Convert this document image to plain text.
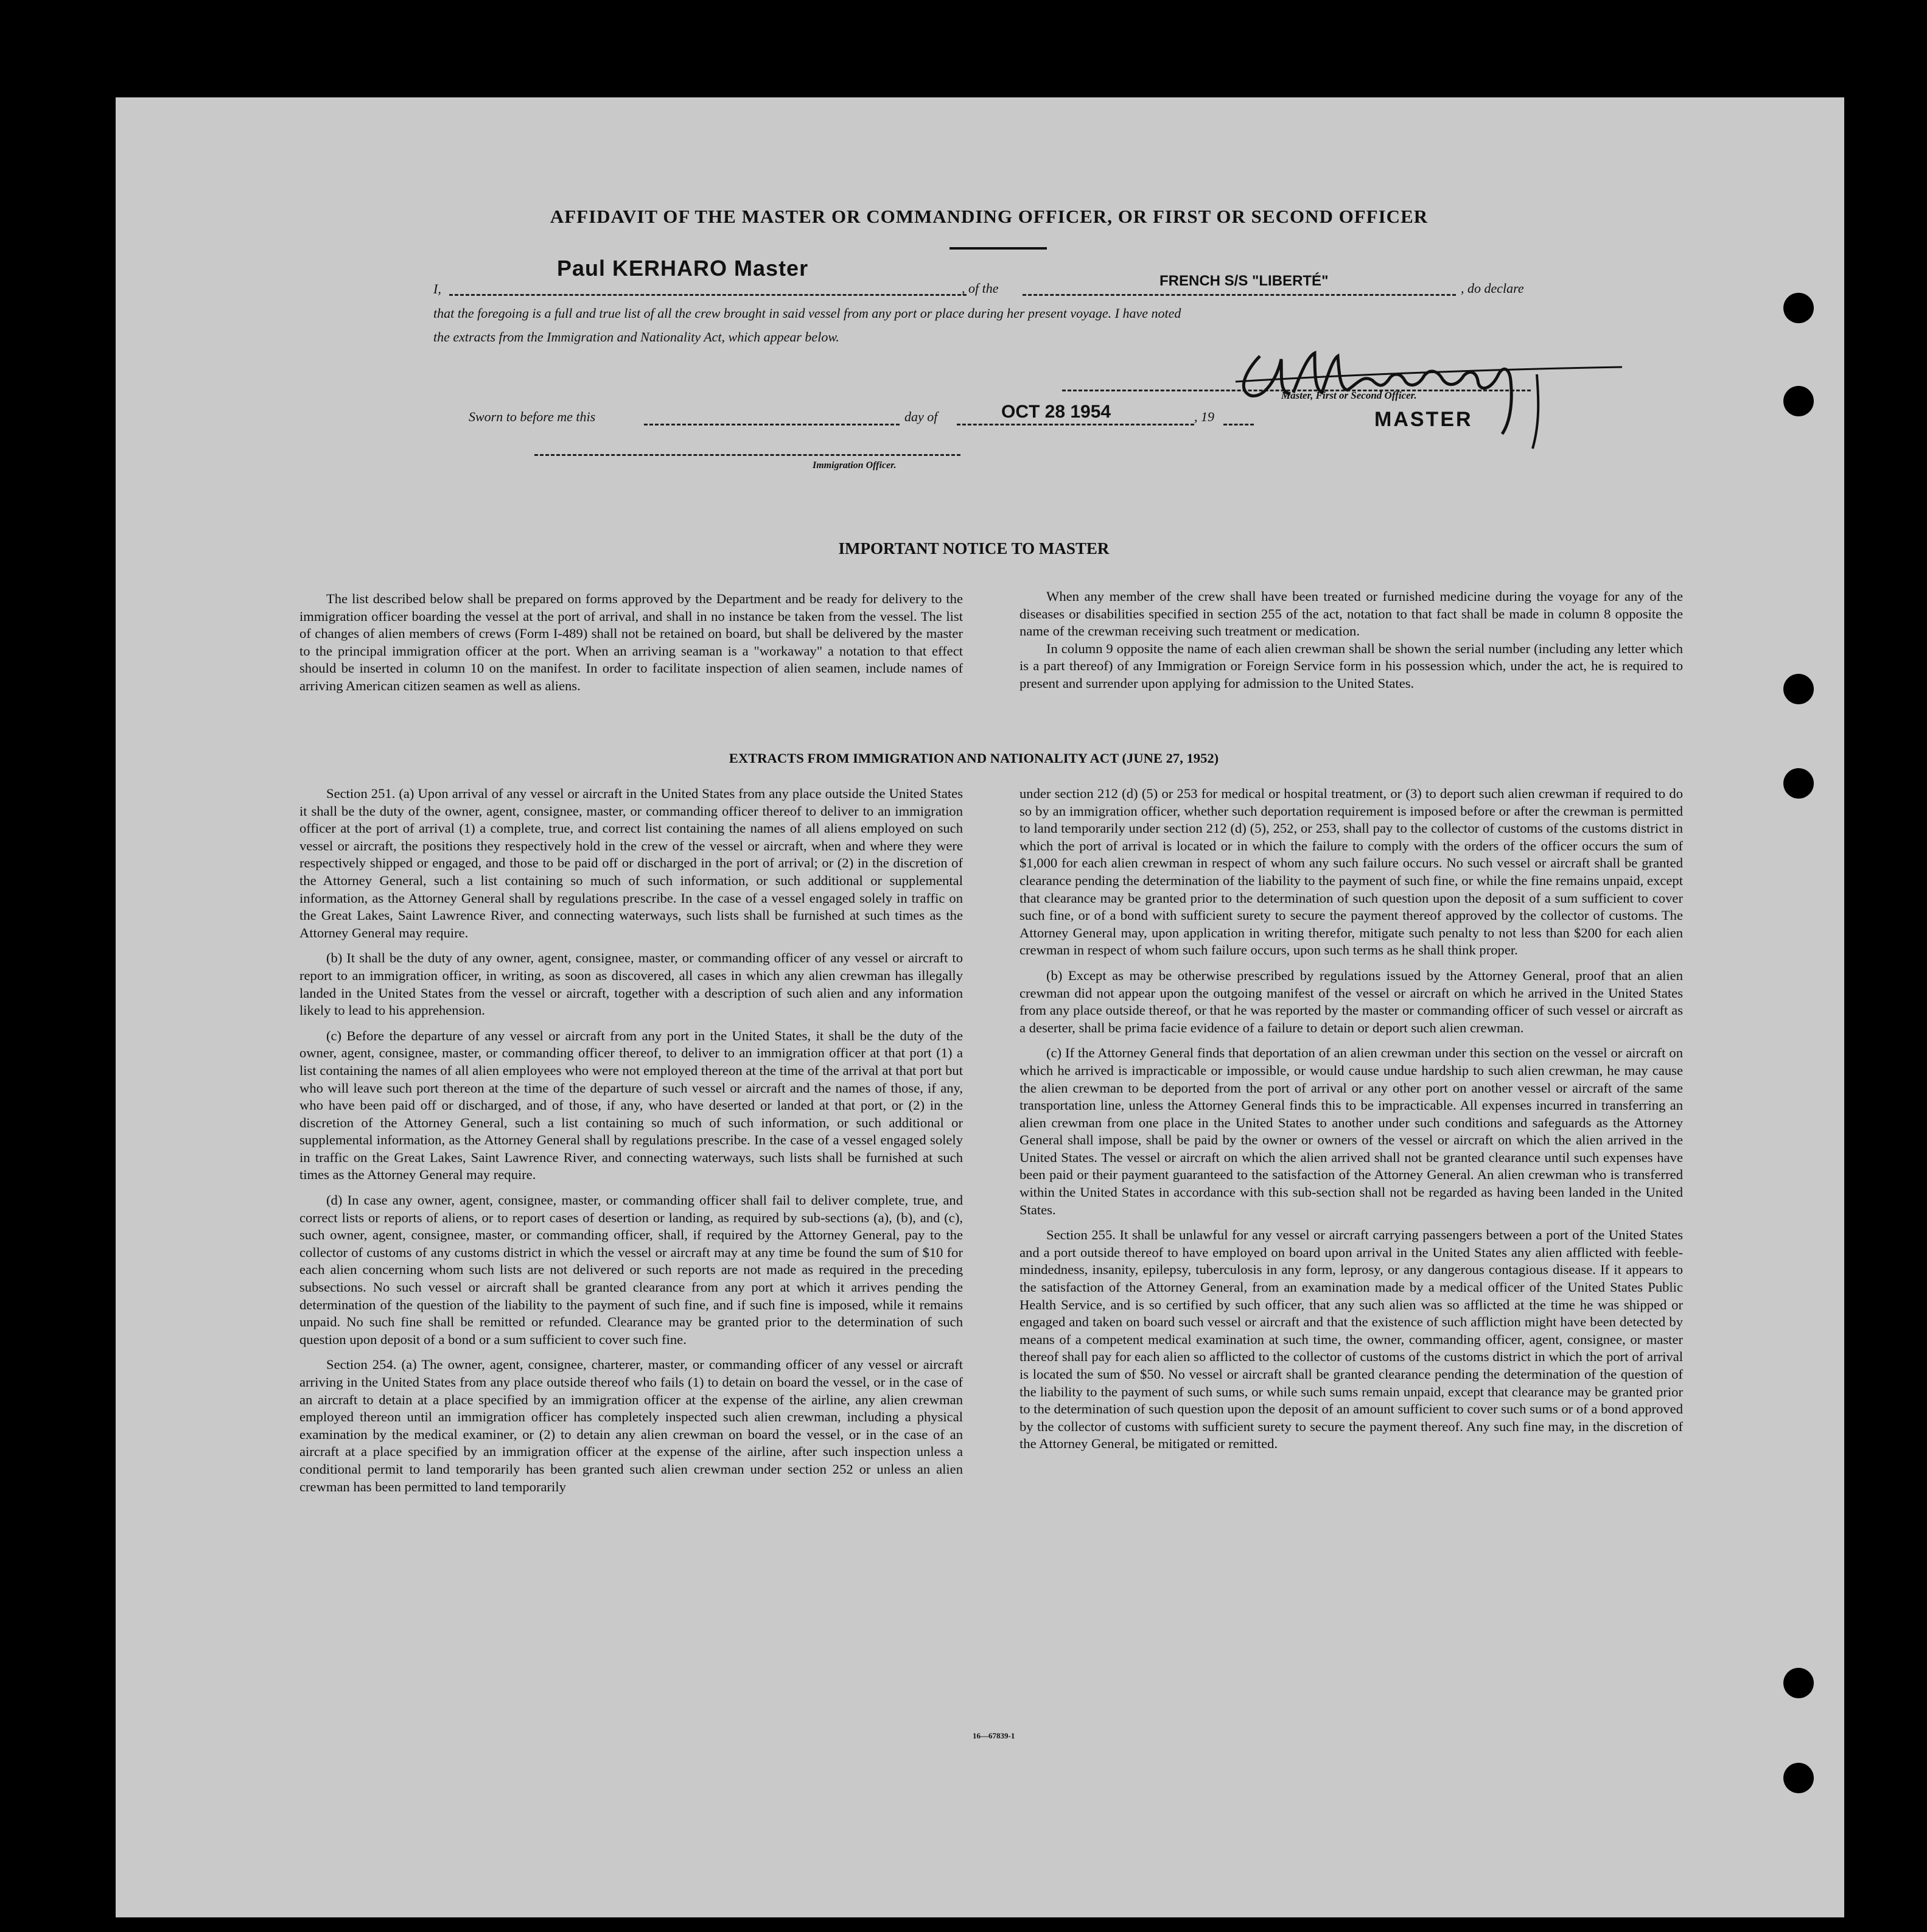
AFFIDAVIT OF THE MASTER OR COMMANDING OFFICER, OR FIRST OR SECOND OFFICER
I,
Paul KERHARO Master
, of the	FRENCH S/S "LIBERTÉ"	, do declare
that the foregoing is a full and true list of all the crew brought in said vessel from any port or place during her present voyage. I have noted
the extracts from the Immigration and Nationality Act, which appear below.
Master, First or Second Officer.
MASTER
Sworn to before me this	day of	OCT 28 1954	, 19
Immigration Officer.
IMPORTANT NOTICE TO MASTER

The list described below shall be prepared on forms approved by the Department and be ready for delivery to the immigration officer boarding the vessel at the port of arrival, and shall in no instance be taken from the vessel. The list of changes of alien members of crews (Form I-489) shall not be retained on board, but shall be delivered by the master to the principal immigration officer at the port. When an arriving seaman is a "workaway" a notation to that effect should be inserted in column 10 on the manifest. In order to facilitate inspection of alien seamen, include names of arriving American citizen seamen as well as aliens.

When any member of the crew shall have been treated or furnished medicine during the voyage for any of the diseases or disabilities specified in section 255 of the act, notation to that fact shall be made in column 8 opposite the name of the crewman receiving such treatment or medication.

In column 9 opposite the name of each alien crewman shall be shown the serial number (including any letter which is a part thereof) of any Immigration or Foreign Service form in his possession which, under the act, he is required to present and surrender upon applying for admission to the United States.

EXTRACTS FROM IMMIGRATION AND NATIONALITY ACT (JUNE 27, 1952)

Section 251. (a) Upon arrival of any vessel or aircraft in the United States from any place outside the United States it shall be the duty of the owner, agent, consignee, master, or commanding officer thereof to deliver to an immigration officer at the port of arrival (1) a complete, true, and correct list containing the names of all aliens employed on such vessel or aircraft, the positions they respectively hold in the crew of the vessel or aircraft, when and where they were respectively shipped or engaged, and those to be paid off or discharged in the port of arrival; or (2) in the discretion of the Attorney General, such a list containing so much of such information, or such additional or supplemental information, as the Attorney General shall by regulations prescribe. In the case of a vessel engaged solely in traffic on the Great Lakes, Saint Lawrence River, and connecting waterways, such lists shall be furnished at such times as the Attorney General may require.

(b) It shall be the duty of any owner, agent, consignee, master, or commanding officer of any vessel or aircraft to report to an immigration officer, in writing, as soon as discovered, all cases in which any alien crewman has illegally landed in the United States from the vessel or aircraft, together with a description of such alien and any information likely to lead to his apprehension.

(c) Before the departure of any vessel or aircraft from any port in the United States, it shall be the duty of the owner, agent, consignee, master, or commanding officer thereof, to deliver to an immigration officer at that port (1) a list containing the names of all alien employees who were not employed thereon at the time of the arrival at that port but who will leave such port thereon at the time of the departure of such vessel or aircraft and the names of those, if any, who have been paid off or discharged, and of those, if any, who have deserted or landed at that port, or (2) in the discretion of the Attorney General, such a list containing so much of such information, or such additional or supplemental information, as the Attorney General shall by regulations prescribe. In the case of a vessel engaged solely in traffic on the Great Lakes, Saint Lawrence River, and connecting waterways, such lists shall be furnished at such times as the Attorney General may require.

(d) In case any owner, agent, consignee, master, or commanding officer shall fail to deliver complete, true, and correct lists or reports of aliens, or to report cases of desertion or landing, as required by sub-sections (a), (b), and (c), such owner, agent, consignee, master, or commanding officer, shall, if required by the Attorney General, pay to the collector of customs of any customs district in which the vessel or aircraft may at any time be found the sum of $10 for each alien concerning whom such lists are not delivered or such reports are not made as required in the preceding subsections. No such vessel or aircraft shall be granted clearance from any port at which it arrives pending the determination of the question of the liability to the payment of such fine, and if such fine is imposed, while it remains unpaid. No such fine shall be remitted or refunded. Clearance may be granted prior to the determination of such question upon deposit of a bond or a sum sufficient to cover such fine.

Section 254. (a) The owner, agent, consignee, charterer, master, or commanding officer of any vessel or aircraft arriving in the United States from any place outside thereof who fails (1) to detain on board the vessel, or in the case of an aircraft to detain at a place specified by an immigration officer at the expense of the airline, any alien crewman employed thereon until an immigration officer has completely inspected such alien crewman, including a physical examination by the medical examiner, or (2) to detain any alien crewman on board the vessel, or in the case of an aircraft at a place specified by an immigration officer at the expense of the airline, after such inspection unless a conditional permit to land temporarily has been granted such alien crewman under section 252 or unless an alien crewman has been permitted to land temporarily

under section 212 (d) (5) or 253 for medical or hospital treatment, or (3) to deport such alien crewman if required to do so by an immigration officer, whether such deportation requirement is imposed before or after the crewman is permitted to land temporarily under section 212 (d) (5), 252, or 253, shall pay to the collector of customs of the customs district in which the port of arrival is located or in which the failure to comply with the orders of the officer occurs the sum of $1,000 for each alien crewman in respect of whom any such failure occurs. No such vessel or aircraft shall be granted clearance pending the determination of the liability to the payment of such fine, or while the fine remains unpaid, except that clearance may be granted prior to the determination of such question upon the deposit of a sum sufficient to cover such fine, or of a bond with sufficient surety to secure the payment thereof approved by the collector of customs. The Attorney General may, upon application in writing therefor, mitigate such penalty to not less than $200 for each alien crewman in respect of whom such failure occurs, upon such terms as he shall think proper.

(b) Except as may be otherwise prescribed by regulations issued by the Attorney General, proof that an alien crewman did not appear upon the outgoing manifest of the vessel or aircraft on which he arrived in the United States from any place outside thereof, or that he was reported by the master or commanding officer of such vessel or aircraft as a deserter, shall be prima facie evidence of a failure to detain or deport such alien crewman.

(c) If the Attorney General finds that deportation of an alien crewman under this section on the vessel or aircraft on which he arrived is impracticable or impossible, or would cause undue hardship to such alien crewman, he may cause the alien crewman to be deported from the port of arrival or any other port on another vessel or aircraft of the same transportation line, unless the Attorney General finds this to be impracticable. All expenses incurred in transferring an alien crewman from one place in the United States to another under such conditions and safeguards as the Attorney General shall impose, shall be paid by the owner or owners of the vessel or aircraft on which the alien arrived in the United States. The vessel or aircraft on which the alien arrived shall not be granted clearance until such expenses have been paid or their payment guaranteed to the satisfaction of the Attorney General. An alien crewman who is transferred within the United States in accordance with this sub-section shall not be regarded as having been landed in the United States.

Section 255. It shall be unlawful for any vessel or aircraft carrying passengers between a port of the United States and a port outside thereof to have employed on board upon arrival in the United States any alien afflicted with feeble-mindedness, insanity, epilepsy, tuberculosis in any form, leprosy, or any dangerous contagious disease. If it appears to the satisfaction of the Attorney General, from an examination made by a medical officer of the United States Public Health Service, and is so certified by such officer, that any such alien was so afflicted at the time he was shipped or engaged and taken on board such vessel or aircraft and that the existence of such affliction might have been detected by means of a competent medical examination at such time, the owner, commanding officer, agent, consignee, or master thereof shall pay for each alien so afflicted to the collector of customs of the customs district in which the port of arrival is located the sum of $50. No vessel or aircraft shall be granted clearance pending the determination of the question of the liability to the payment of such sums, or while such sums remain unpaid, except that clearance may be granted prior to the determination of such question upon the deposit of an amount sufficient to cover such sums or of a bond approved by the collector of customs with sufficient surety to secure the payment thereof. Any such fine may, in the discretion of the Attorney General, be mitigated or remitted.

16—67839-1
